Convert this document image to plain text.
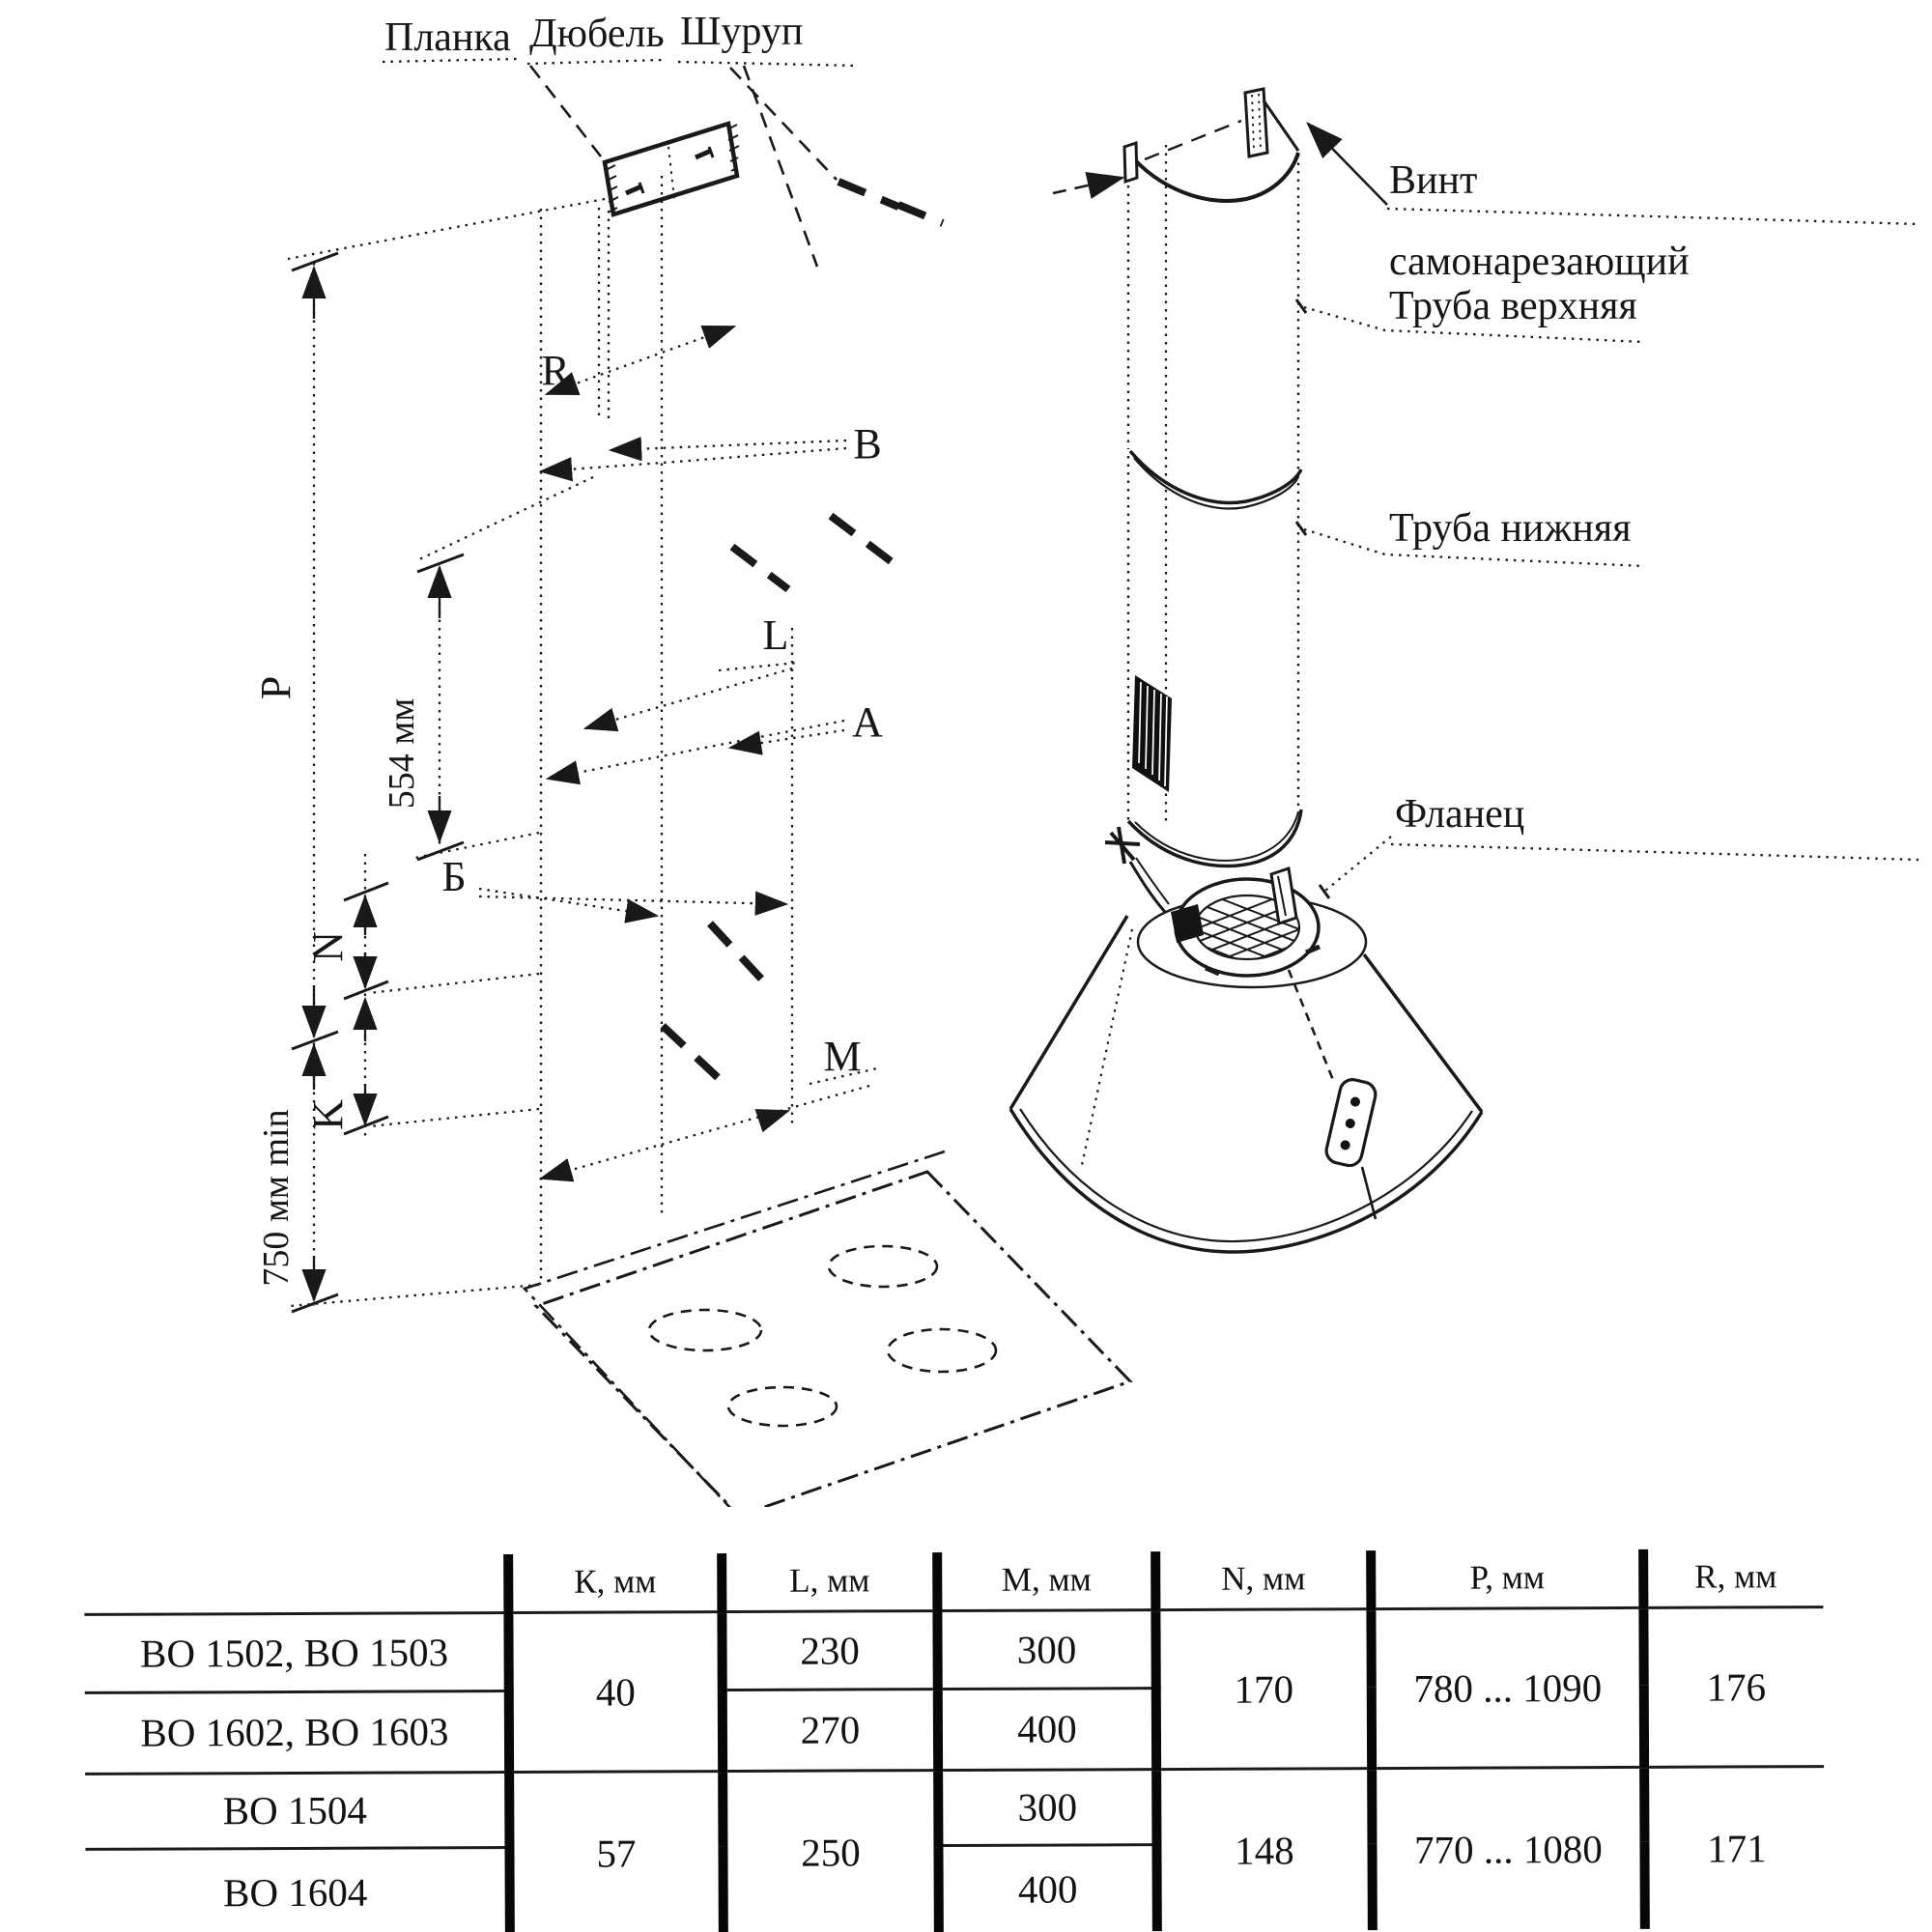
Планка Дюбель Шуруп
P
554 мм
N
K
750 мм min
R
В
L
А
Б
М
Винт
самонарезающий
Труба верхняя
Труба нижняя
Фланец
	К, мм	L, мм	М, мм	N, мм	P, мм	R, мм
ВО 1502, ВО 1503	40	230	300	170	780 ... 1090	176
ВО 1602, ВО 1603		270	400			
ВО 1504	57	250	300	148	770 ... 1080	171
ВО 1604			400			
